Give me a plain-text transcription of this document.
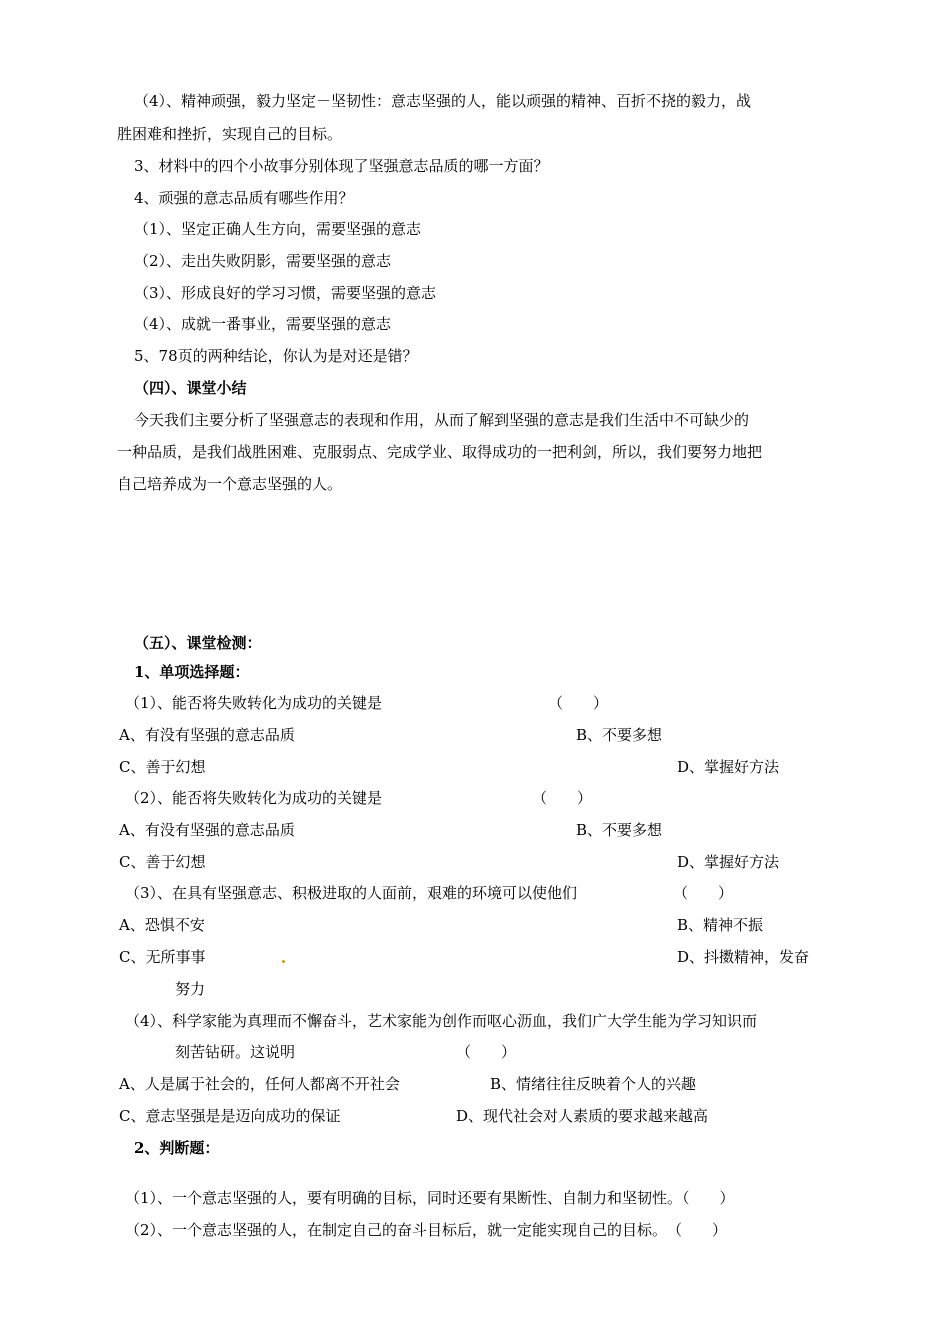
（4）、精神顽强，毅力坚定－坚韧性：意志坚强的人，能以顽强的精神、百折不挠的毅力，战
胜困难和挫折，实现自己的目标。
3、材料中的四个小故事分别体现了坚强意志品质的哪一方面？
4、顽强的意志品质有哪些作用？
（1）、坚定正确人生方向，需要坚强的意志
（2）、走出失败阴影，需要坚强的意志
（3）、形成良好的学习习惯，需要坚强的意志
（4）、成就一番事业，需要坚强的意志
5、78页的两种结论，你认为是对还是错？
（四）、课堂小结
今天我们主要分析了坚强意志的表现和作用，从而了解到坚强的意志是我们生活中不可缺少的
一种品质，是我们战胜困难、克服弱点、完成学业、取得成功的一把利剑，所以，我们要努力地把
自己培养成为一个意志坚强的人。
（五）、课堂检测：
1、单项选择题：
（1）、能否将失败转化为成功的关键是	（　　）
A、有没有坚强的意志品质	B、不要多想
C、善于幻想	D、掌握好方法
（2）、能否将失败转化为成功的关键是	（　　）
A、有没有坚强的意志品质	B、不要多想
C、善于幻想	D、掌握好方法
（3）、在具有坚强意志、积极进取的人面前，艰难的环境可以使他们	（　　）
A、恐惧不安	B、精神不振
C、无所事事	D、抖擞精神，发奋
努力
（4）、科学家能为真理而不懈奋斗，艺术家能为创作而呕心沥血，我们广大学生能为学习知识而
刻苦钻研。这说明	（　　）
A、人是属于社会的，任何人都离不开社会	B、情绪往往反映着个人的兴趣
C、意志坚强是是迈向成功的保证	D、现代社会对人素质的要求越来越高
2、判断题：
（1）、一个意志坚强的人，要有明确的目标，同时还要有果断性、自制力和坚韧性。（　　）
（2）、一个意志坚强的人，在制定自己的奋斗目标后，就一定能实现自己的目标。　（　　）
